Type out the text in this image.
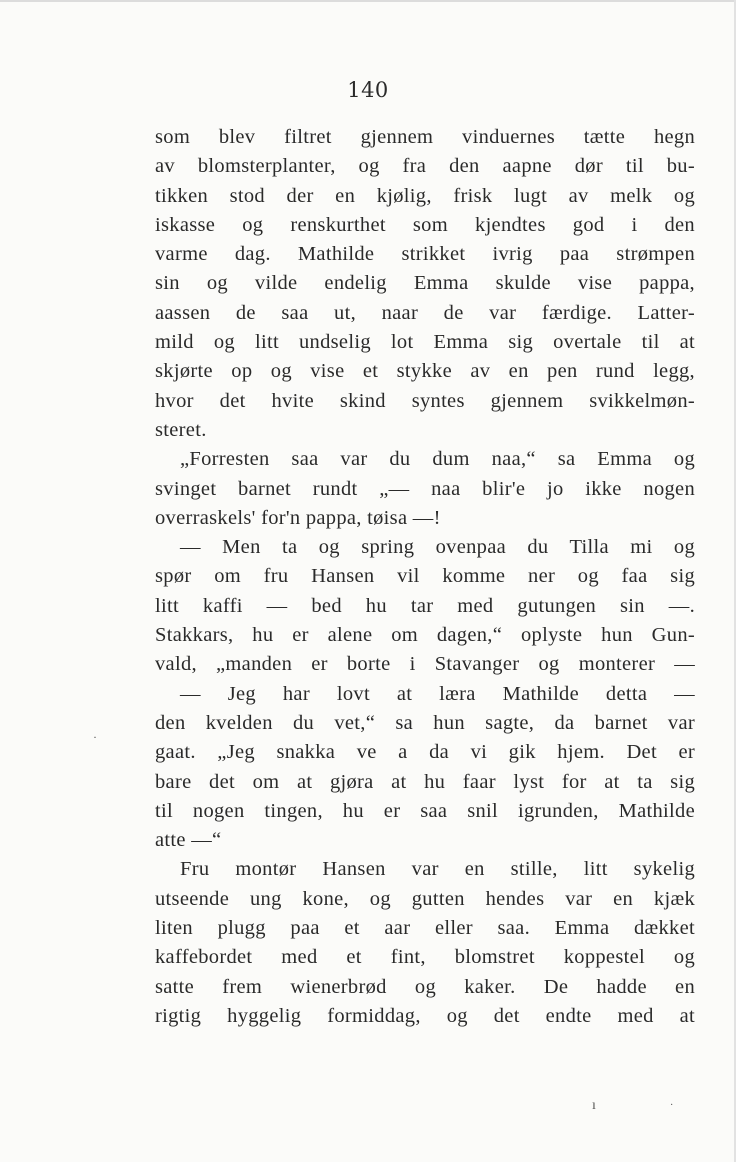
140
som blev filtret gjennem vinduernes tætte hegn
av blomsterplanter, og fra den aapne dør til bu-
tikken stod der en kjølig, frisk lugt av melk og
iskasse og renskurthet som kjendtes god i den
varme dag. Mathilde strikket ivrig paa strømpen
sin og vilde endelig Emma skulde vise pappa,
aassen de saa ut, naar de var færdige. Latter-
mild og litt undselig lot Emma sig overtale til at
skjørte op og vise et stykke av en pen rund legg,
hvor det hvite skind syntes gjennem svikkelmøn-
steret.
„Forresten saa var du dum naa,“ sa Emma og
svinget barnet rundt „— naa blir'e jo ikke nogen
overraskels' for'n pappa, tøisa —!
— Men ta og spring ovenpaa du Tilla mi og
spør om fru Hansen vil komme ner og faa sig
litt kaffi — bed hu tar med gutungen sin —.
Stakkars, hu er alene om dagen,“ oplyste hun Gun-
vald, „manden er borte i Stavanger og monterer —
— Jeg har lovt at læra Mathilde detta —
den kvelden du vet,“ sa hun sagte, da barnet var
gaat. „Jeg snakka ve a da vi gik hjem. Det er
bare det om at gjøra at hu faar lyst for at ta sig
til nogen tingen, hu er saa snil igrunden, Mathilde
atte —“
Fru montør Hansen var en stille, litt sykelig
utseende ung kone, og gutten hendes var en kjæk
liten plugg paa et aar eller saa. Emma dækket
kaffebordet med et fint, blomstret koppestel og
satte frem wienerbrød og kaker. De hadde en
rigtig hyggelig formiddag, og det endte med at
ı	·
·
